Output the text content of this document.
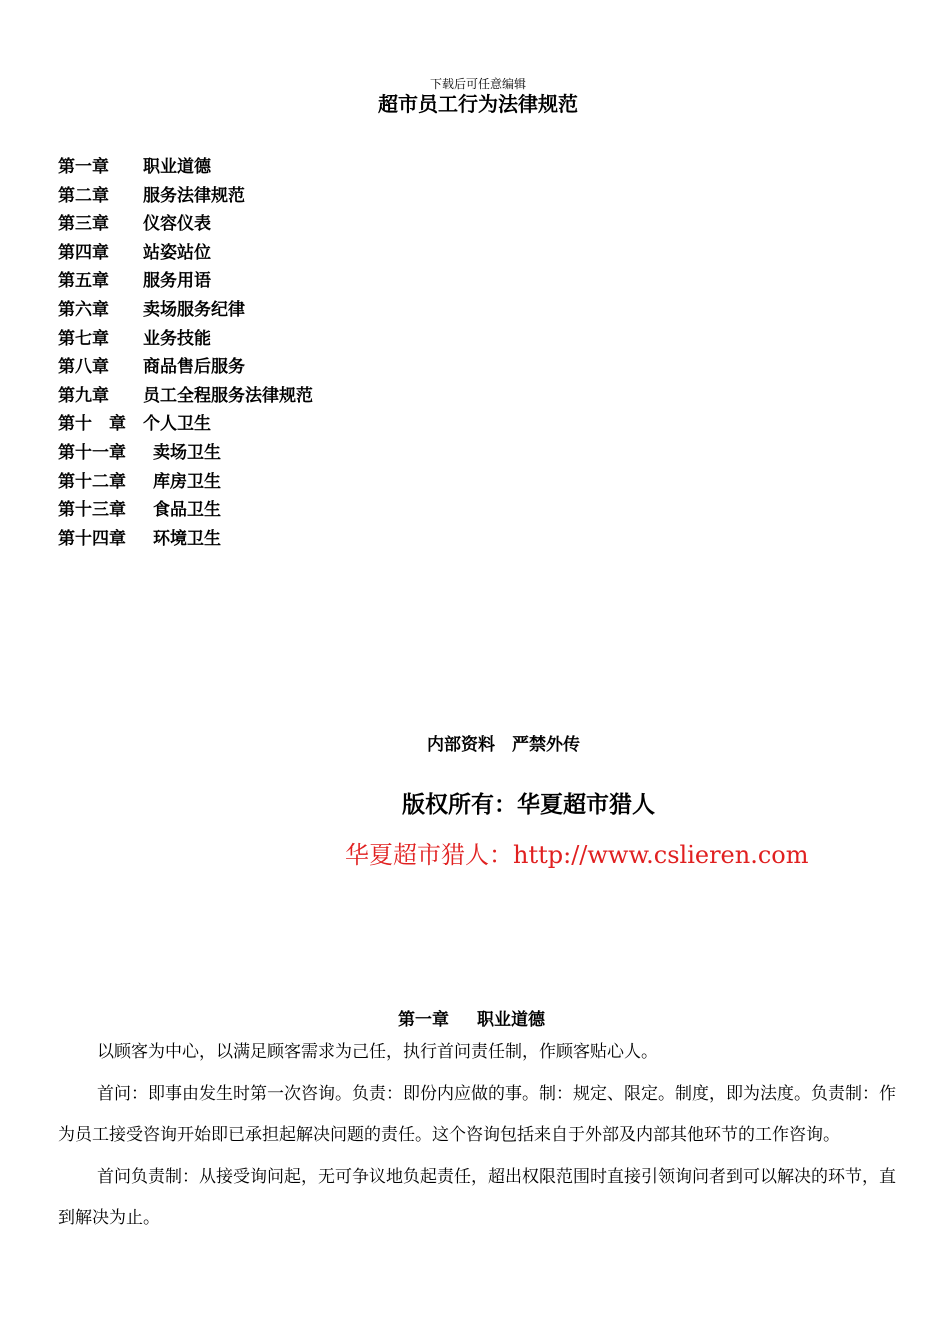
下载后可任意编辑
超市员工行为法律规范
第一章 职业道德
第二章 服务法律规范
第三章 仪容仪表
第四章 站姿站位
第五章 服务用语
第六章 卖场服务纪律
第七章 业务技能
第八章 商品售后服务
第九章 员工全程服务法律规范
第十　章 个人卫生
第十一章 卖场卫生
第十二章 库房卫生
第十三章 食品卫生
第十四章 环境卫生
内部资料　严禁外传
版权所有：华夏超市猎人
华夏超市猎人：http://www.cslieren.com
第一章 职业道德

以顾客为中心，以满足顾客需求为己任，执行首问责任制，作顾客贴心人。

首问：即事由发生时第一次咨询。负责：即份内应做的事。制：规定、限定。制度，即为法度。负责制：作为员工接受咨询开始即已承担起解决问题的责任。这个咨询包括来自于外部及内部其他环节的工作咨询。

首问负责制：从接受询问起，无可争议地负起责任，超出权限范围时直接引领询问者到可以解决的环节，直到解决为止。
